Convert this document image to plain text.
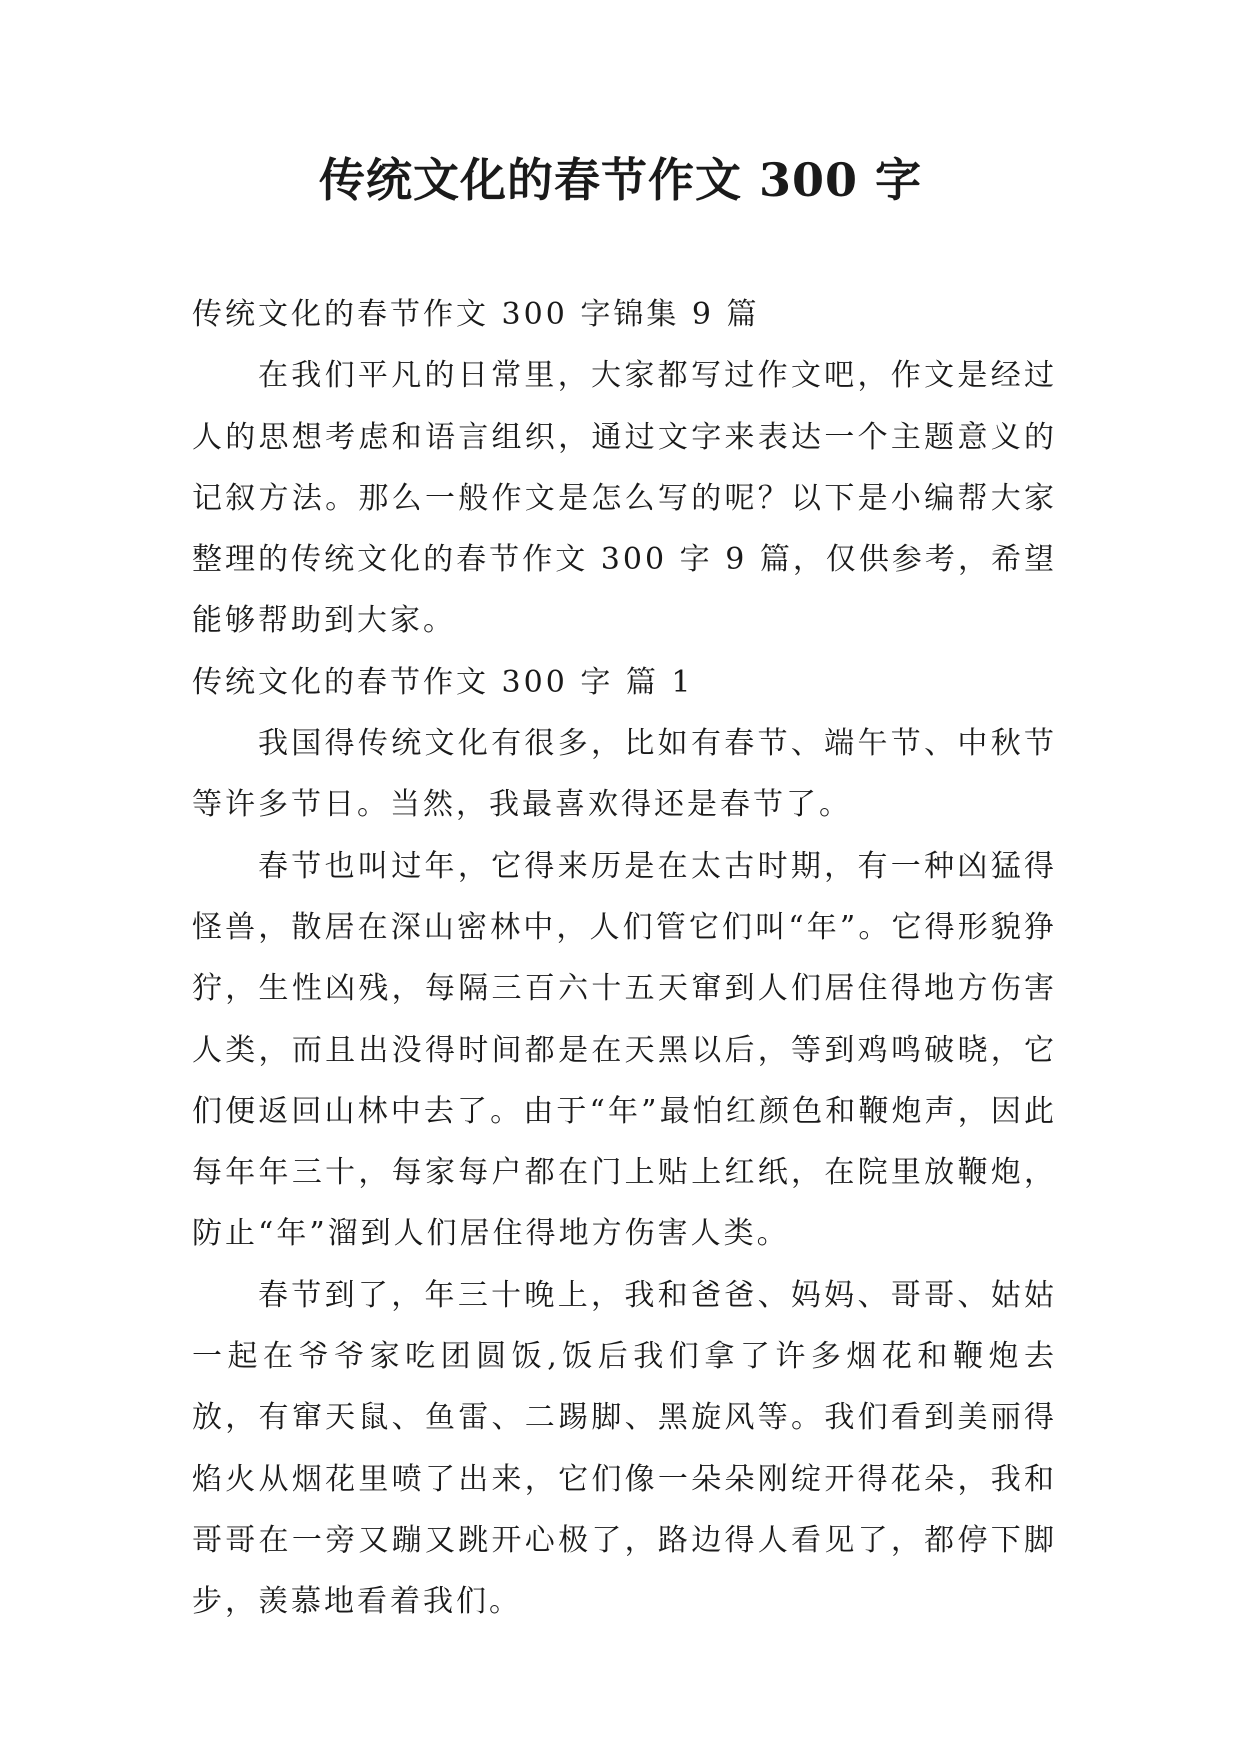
传统文化的春节作文 300 字

传统文化的春节作文 300 字锦集 9 篇

在我们平凡的日常里，大家都写过作文吧，作文是经过人的思想考虑和语言组织，通过文字来表达一个主题意义的记叙方法。那么一般作文是怎么写的呢？以下是小编帮大家整理的传统文化的春节作文 300 字 9 篇，仅供参考，希望能够帮助到大家。

传统文化的春节作文 300 字 篇 1

我国得传统文化有很多，比如有春节、端午节、中秋节等许多节日。当然，我最喜欢得还是春节了。

春节也叫过年，它得来历是在太古时期，有一种凶猛得怪兽，散居在深山密林中，人们管它们叫“年”。它得形貌狰狞，生性凶残，每隔三百六十五天窜到人们居住得地方伤害人类，而且出没得时间都是在天黑以后，等到鸡鸣破晓，它们便返回山林中去了。由于“年”最怕红颜色和鞭炮声，因此每年年三十，每家每户都在门上贴上红纸，在院里放鞭炮，防止“年”溜到人们居住得地方伤害人类。

春节到了，年三十晚上，我和爸爸、妈妈、哥哥、姑姑一起在爷爷家吃团圆饭,饭后我们拿了许多烟花和鞭炮去放，有窜天鼠、鱼雷、二踢脚、黑旋风等。我们看到美丽得焰火从烟花里喷了出来，它们像一朵朵刚绽开得花朵，我和哥哥在一旁又蹦又跳开心极了，路边得人看见了，都停下脚步，羡慕地看着我们。
